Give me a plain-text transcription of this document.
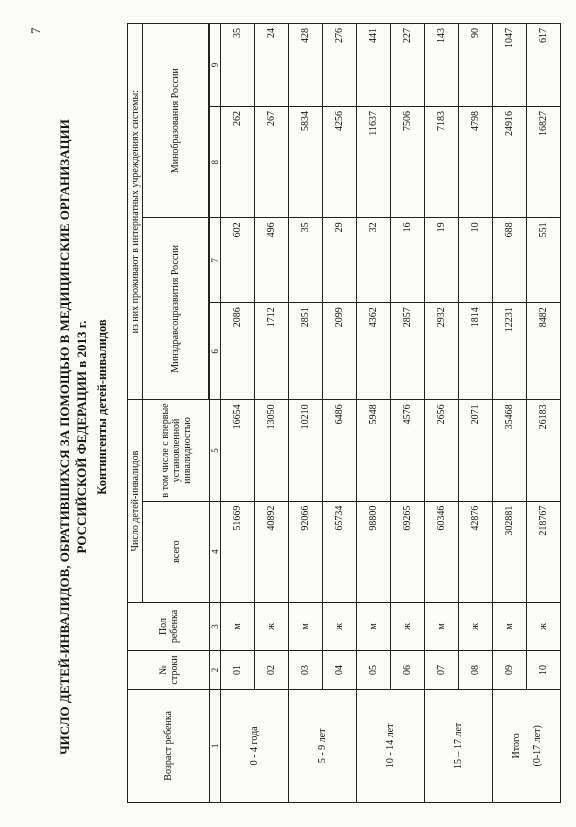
7
ЧИСЛО ДЕТЕЙ-ИНВАЛИДОВ, ОБРАТИВШИХСЯ ЗА ПОМОЩЬЮ В МЕДИЦИНСКИЕ ОРГАНИЗАЦИИ РОССИЙСКОЙ ФЕДЕРАЦИИ в 2013 г. Контингенты детей-инвалидов
Возраст ребенка	№ строки	Пол ребенка	Число детей-инвалидов		из них проживают в интернатных учреждениях системы:			
			всего	в том числе с впервые установленной инвалидностью	Минздравсоцразвития России		Минобразования России	

1	2	3	4	5	6	7	8	9
0 - 4 года	01	м	51669	16654	2086	602	262	35
	02	ж	40892	13050	1712	496	267	24
5 - 9 лет	03	м	92066	10210	2851	35	5834	428
	04	ж	65734	6486	2099	29	4256	276
10 - 14 лет	05	м	98800	5948	4362	32	11637	441
	06	ж	69265	4576	2857	16	7506	227
15 – 17 лет	07	м	60346	2656	2932	19	7183	143
	08	ж	42876	2071	1814	10	4798	90

Итого (0-17 лет)	09	м	302881	35468	12231	688	24916	1047
	10	ж	218767	26183	8482	551	16827	617
